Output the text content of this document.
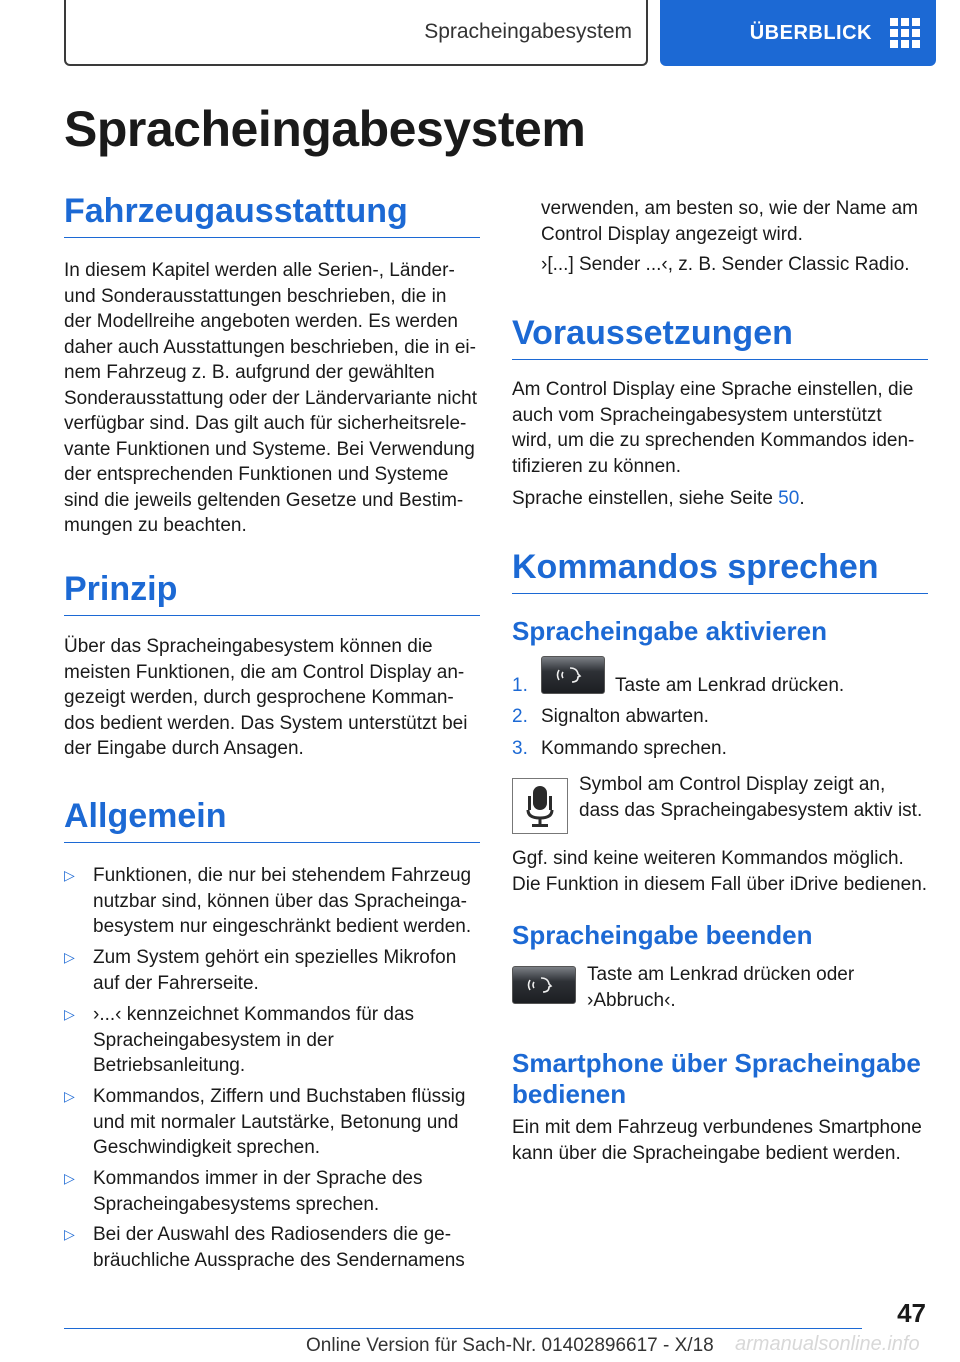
Spracheingabesystem	ÜBERBLICK
Spracheingabesystem
Fahrzeugausstattung
In diesem Kapitel werden alle Serien-, Länder-
und Sonderausstattungen beschrieben, die in
der Modellreihe angeboten werden. Es werden
daher auch Ausstattungen beschrieben, die in ei-
nem Fahrzeug z. B. aufgrund der gewählten
Sonderausstattung oder der Ländervariante nicht
verfügbar sind. Das gilt auch für sicherheitsrele-
vante Funktionen und Systeme. Bei Verwendung
der entsprechenden Funktionen und Systeme
sind die jeweils geltenden Gesetze und Bestim-
mungen zu beachten.
Prinzip
Über das Spracheingabesystem können die
meisten Funktionen, die am Control Display an-
gezeigt werden, durch gesprochene Komman-
dos bedient werden. Das System unterstützt bei
der Eingabe durch Ansagen.
Allgemein
▷ Funktionen, die nur bei stehendem Fahrzeug
nutzbar sind, können über das Spracheinga-
besystem nur eingeschränkt bedient werden.
▷ Zum System gehört ein spezielles Mikrofon
auf der Fahrerseite.
▷ ›...‹ kennzeichnet Kommandos für das
Spracheingabesystem in der
Betriebsanleitung.
▷ Kommandos, Ziffern und Buchstaben flüssig
und mit normaler Lautstärke, Betonung und
Geschwindigkeit sprechen.
▷ Kommandos immer in der Sprache des
Spracheingabesystems sprechen.
▷ Bei der Auswahl des Radiosenders die ge-
bräuchliche Aussprache des Sendernamens
verwenden, am besten so, wie der Name am
Control Display angezeigt wird.
›[...] Sender ...‹, z. B. Sender Classic Radio.
Voraussetzungen
Am Control Display eine Sprache einstellen, die
auch vom Spracheingabesystem unterstützt
wird, um die zu sprechenden Kommandos iden-
tifizieren zu können.
Sprache einstellen, siehe Seite 50.
Kommandos sprechen
Spracheingabe aktivieren
1.	Taste am Lenkrad drücken.
2. Signalton abwarten.
3. Kommando sprechen.
Symbol am Control Display zeigt an,
dass das Spracheingabesystem aktiv ist.
Ggf. sind keine weiteren Kommandos möglich.
Die Funktion in diesem Fall über iDrive bedienen.
Spracheingabe beenden
Taste am Lenkrad drücken oder
›Abbruch‹.
Smartphone über Spracheingabe
bedienen
Ein mit dem Fahrzeug verbundenes Smartphone
kann über die Spracheingabe bedient werden.
47
Online Version für Sach-Nr. 01402896617 - X/18 armanualsonline.info
